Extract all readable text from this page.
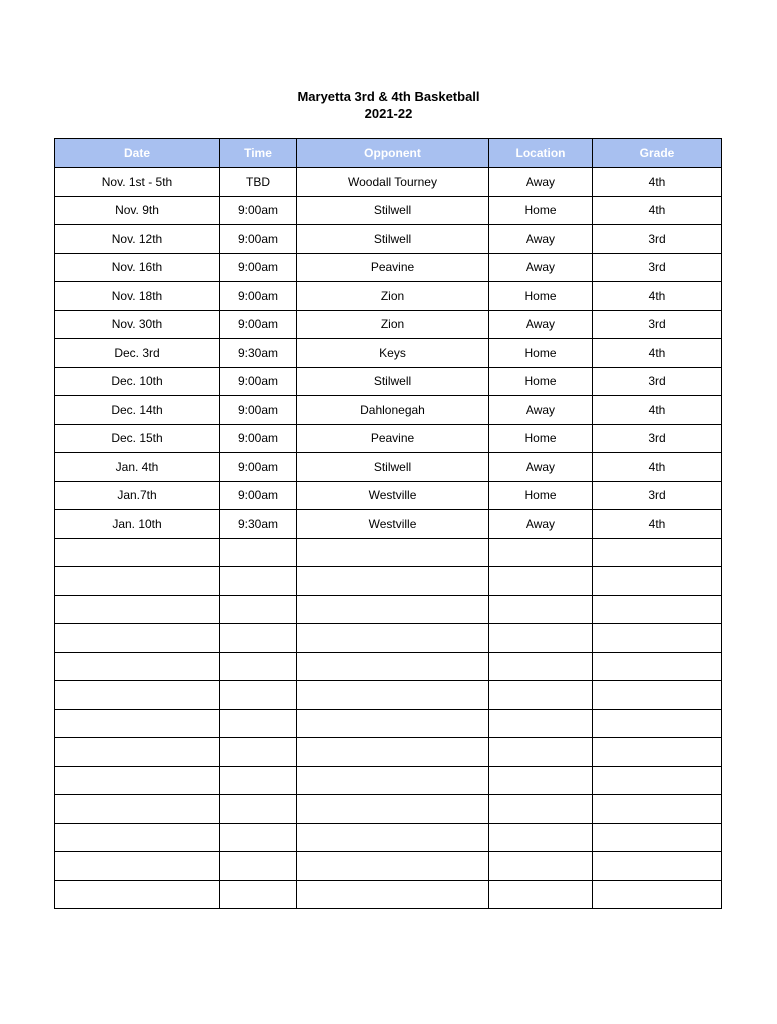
Maryetta 3rd & 4th Basketball
2021-22
Date	Time	Opponent	Location	Grade
Nov. 1st - 5th	TBD	Woodall Tourney	Away	4th
Nov. 9th	9:00am	Stilwell	Home	4th
Nov. 12th	9:00am	Stilwell	Away	3rd
Nov. 16th	9:00am	Peavine	Away	3rd
Nov. 18th	9:00am	Zion	Home	4th
Nov. 30th	9:00am	Zion	Away	3rd
Dec. 3rd	9:30am	Keys	Home	4th
Dec. 10th	9:00am	Stilwell	Home	3rd
Dec. 14th	9:00am	Dahlonegah	Away	4th
Dec. 15th	9:00am	Peavine	Home	3rd
Jan. 4th	9:00am	Stilwell	Away	4th
Jan.7th	9:00am	Westville	Home	3rd
Jan. 10th	9:30am	Westville	Away	4th
